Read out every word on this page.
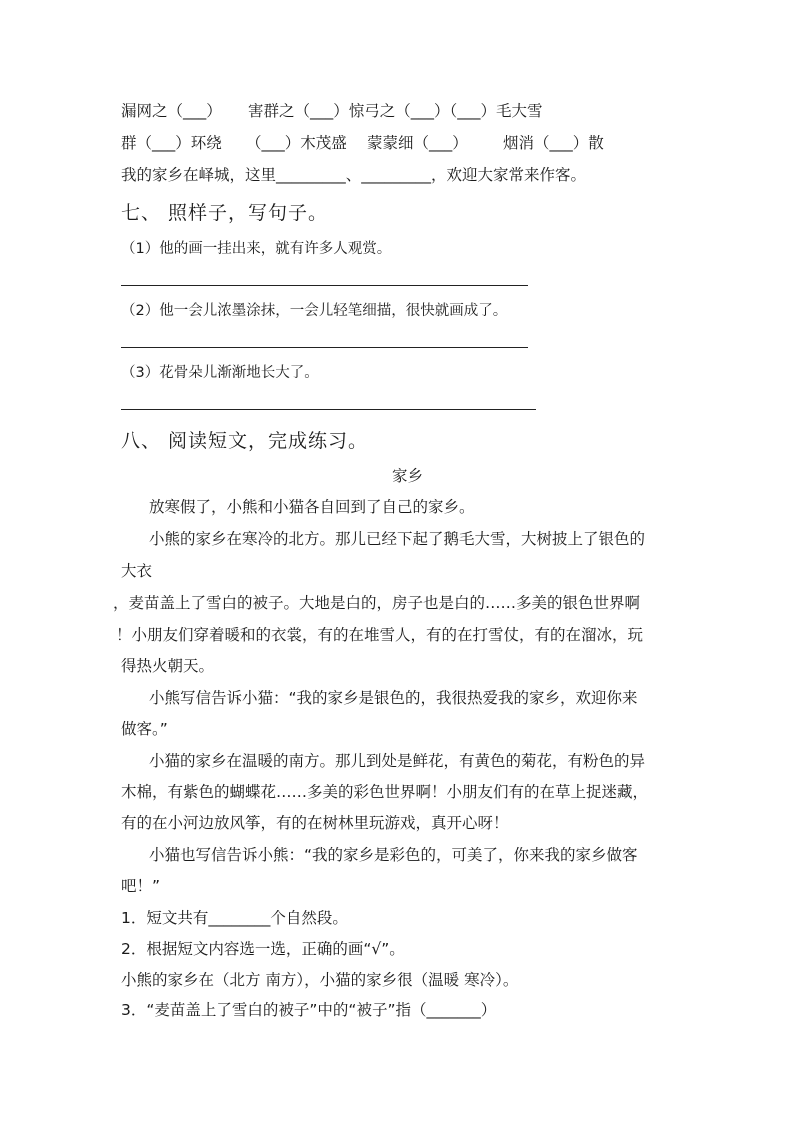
漏网之（___） 害群之（___）惊弓之（___）（___）毛大雪
群（___）环绕 （___）木茂盛 蒙蒙细（___） 烟消（___）散
我的家乡在峄城，这里_________、_________，欢迎大家常来作客。
七、 照样子，写句子。
（1）他的画一挂出来，就有许多人观赏。
（2）他一会儿浓墨涂抹，一会儿轻笔细描，很快就画成了。
（3）花骨朵儿渐渐地长大了。
八、 阅读短文，完成练习。
家乡
放寒假了，小熊和小猫各自回到了自己的家乡。
小熊的家乡在寒冷的北方。那儿已经下起了鹅毛大雪，大树披上了银色的
大衣
，麦苗盖上了雪白的被子。大地是白的，房子也是白的……多美的银色世界啊
！小朋友们穿着暖和的衣裳，有的在堆雪人，有的在打雪仗，有的在溜冰，玩
得热火朝天。
小熊写信告诉小猫：“我的家乡是银色的，我很热爱我的家乡，欢迎你来
做客。”
小猫的家乡在温暖的南方。那儿到处是鲜花，有黄色的菊花，有粉色的异
木棉，有紫色的蝴蝶花……多美的彩色世界啊！小朋友们有的在草上捉迷藏，
有的在小河边放风筝，有的在树林里玩游戏，真开心呀！
小猫也写信告诉小熊：“我的家乡是彩色的，可美了，你来我的家乡做客
吧！”
1．短文共有________个自然段。
2．根据短文内容选一选，正确的画“√”。
小熊的家乡在（北方 南方），小猫的家乡很（温暖 寒冷）。
3．“麦苗盖上了雪白的被子”中的“被子”指（_______）
